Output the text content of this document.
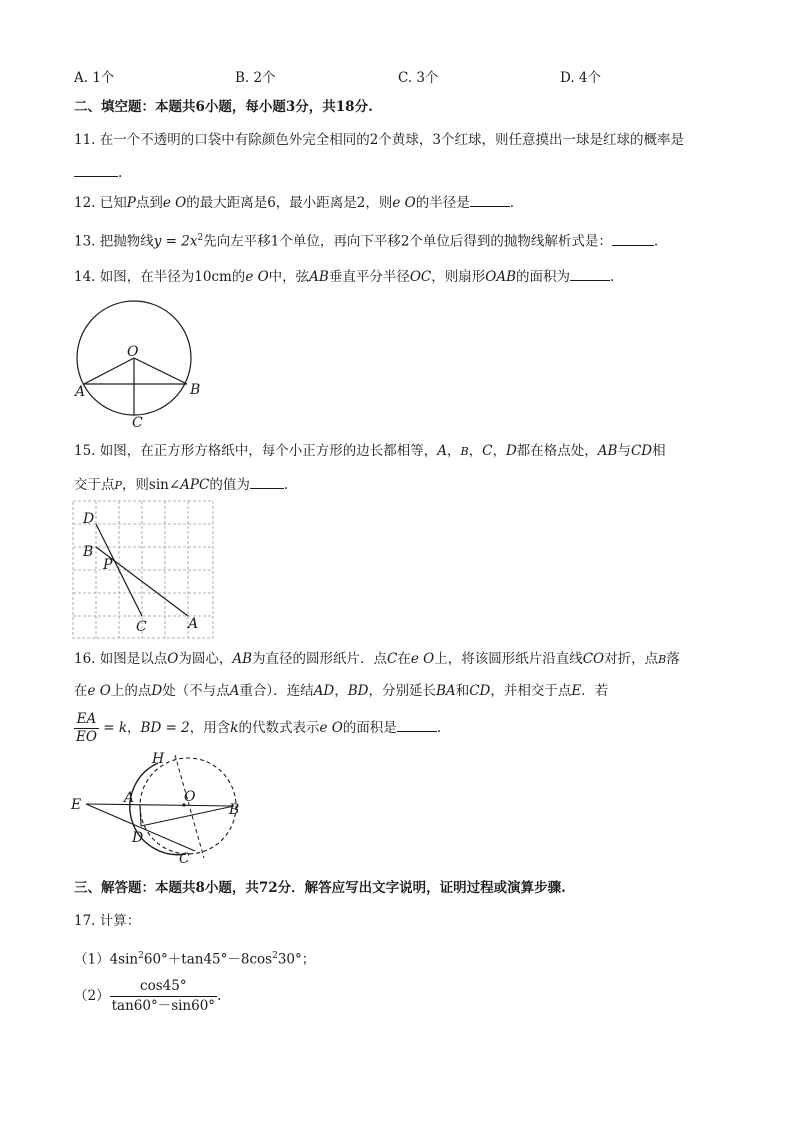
A. 1个	B. 2个	C. 3个	D. 4个
二、填空题：本题共6小题，每小题3分，共18分.
11. 在一个不透明的口袋中有除颜色外完全相同的2个黄球，3个红球，则任意摸出一球是红球的概率是
.
12. 已知P点到e O的最大距离是6，最小距离是2，则e O的半径是	.
13. 把抛物线$y = 2x^2$先向左平移1个单位，再向下平移2个单位后得到的抛物线解析式是：	.
14. 如图，在半径为10cm的e O中，弦AB垂直平分半径OC，则扇形OAB的面积为	.
O
A	B
C
15. 如图，在正方形方格纸中，每个小正方形的边长都相等，A，B，C，D都在格点处，AB与CD相
交于点P，则sin∠APC的值为	.
D
B
P
C	A
16. 如图是以点O为圆心，AB为直径的圆形纸片．点C在e O上，将该圆形纸片沿直线CO对折，点B落
在e O上的点D处（不与点A重合）．连结AD，BD，分别延长BA和CD，并相交于点E．若
$\frac{EA}{EO} = k$，BD = 2，用含k的代数式表示e O的面积是	.
H
A	O
B
E
D
C
三、解答题：本题共8小题，共72分．解答应写出文字说明，证明过程或演算步骤.
17. 计算：
$(1)4\sin^260^\circ+\tan 45^\circ-8\cos^230^\circ$；
$(2) \frac{\cos 45^\circ}{\tan 60^\circ-\sin 60^\circ}$ .
